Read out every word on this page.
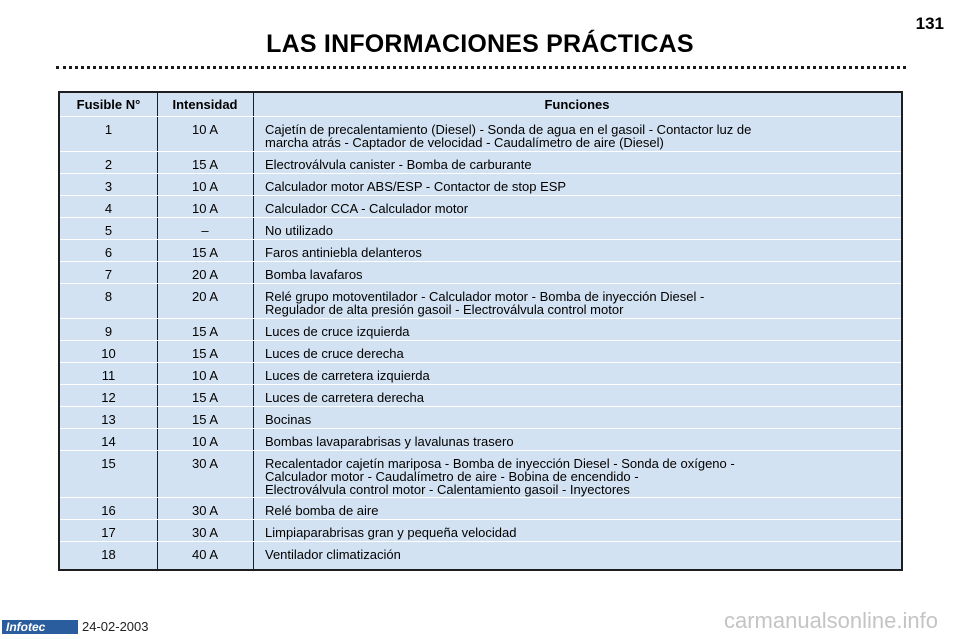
131
LAS INFORMACIONES PRÁCTICAS
Fusible N°	Intensidad	Funciones
1	10 A	Cajetín de precalentamiento (Diesel) - Sonda de agua en el gasoil - Contactor luz de
marcha atrás - Captador de velocidad - Caudalímetro de aire (Diesel)
2	15 A	Electroválvula canister - Bomba de carburante
3	10 A	Calculador motor ABS/ESP - Contactor de stop ESP
4	10 A	Calculador CCA - Calculador motor
5	–	No utilizado
6	15 A	Faros antiniebla delanteros
7	20 A	Bomba lavafaros
8	20 A	Relé grupo motoventilador - Calculador motor - Bomba de inyección Diesel -
Regulador de alta presión gasoil - Electroválvula control motor
9	15 A	Luces de cruce izquierda
10	15 A	Luces de cruce derecha
11	10 A	Luces de carretera izquierda
12	15 A	Luces de carretera derecha
13	15 A	Bocinas
14	10 A	Bombas lavaparabrisas y lavalunas trasero
15	30 A	Recalentador cajetín mariposa - Bomba de inyección Diesel - Sonda de oxígeno -
Calculador motor - Caudalímetro de aire - Bobina de encendido -
Electroválvula control motor - Calentamiento gasoil - Inyectores
16	30 A	Relé bomba de aire
17	30 A	Limpiaparabrisas gran y pequeña velocidad
18	40 A	Ventilador climatización
Infotec	24-02-2003	carmanualsonline.info
